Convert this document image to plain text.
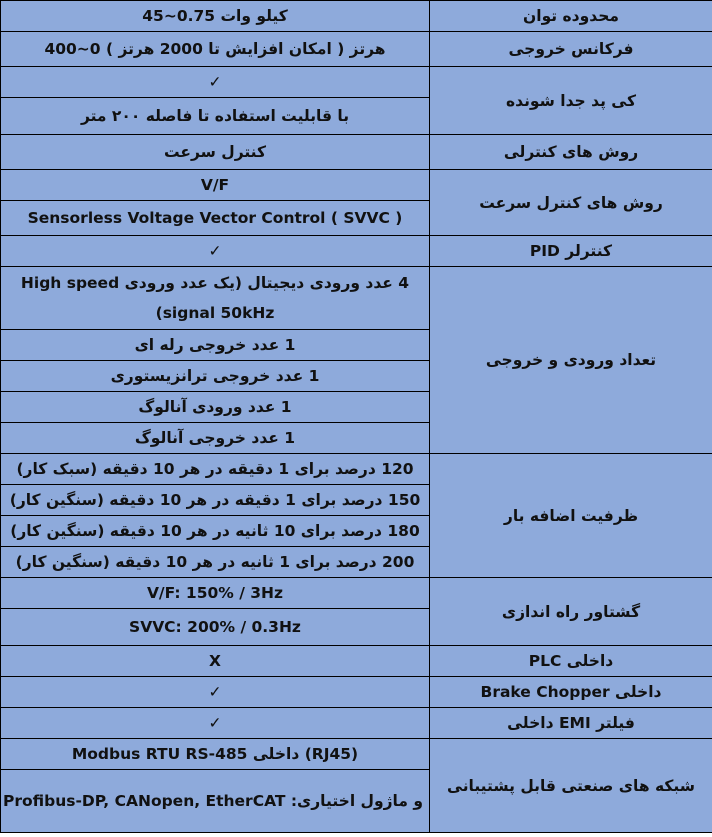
محدوده توان	کیلو وات 0.75~45
فرکانس خروجی	هرتز ( امکان افزایش تا 2000 هرتز ) 0~400
کی پد جدا شونده	✓
	با قابلیت استفاده تا فاصله ۲۰۰ متر
روش های کنترلی	کنترل سرعت
روش های کنترل سرعت	V/F
	Sensorless Voltage Vector Control ( SVVC )
کنترلر PID	✓
تعداد ورودی و خروجی	4 عدد ورودی دیجیتال (یک عدد ورودی High speed signal 50kHz)
	1 عدد خروجی رله ای
	1 عدد خروجی ترانزیستوری
	1 عدد ورودی آنالوگ
	1 عدد خروجی آنالوگ
ظرفیت اضافه بار	120 درصد برای 1 دقیقه در هر 10 دقیقه (سبک کار)
	150 درصد برای 1 دقیقه در هر 10 دقیقه (سنگین کار)
	180 درصد برای 10 ثانیه در هر 10 دقیقه (سنگین کار)
	200 درصد برای 1 ثانیه در هر 10 دقیقه (سنگین کار)
گشتاور راه اندازی	V/F: 150% / 3Hz
	SVVC: 200% / 0.3Hz
PLC داخلی	X
Brake Chopper داخلی	✓
فیلتر EMI داخلی	✓
شبکه های صنعتی قابل پشتیبانی	Modbus RTU RS-485 داخلی (RJ45)
	و ماژول اختیاری: Profibus-DP, CANopen, EtherCAT
